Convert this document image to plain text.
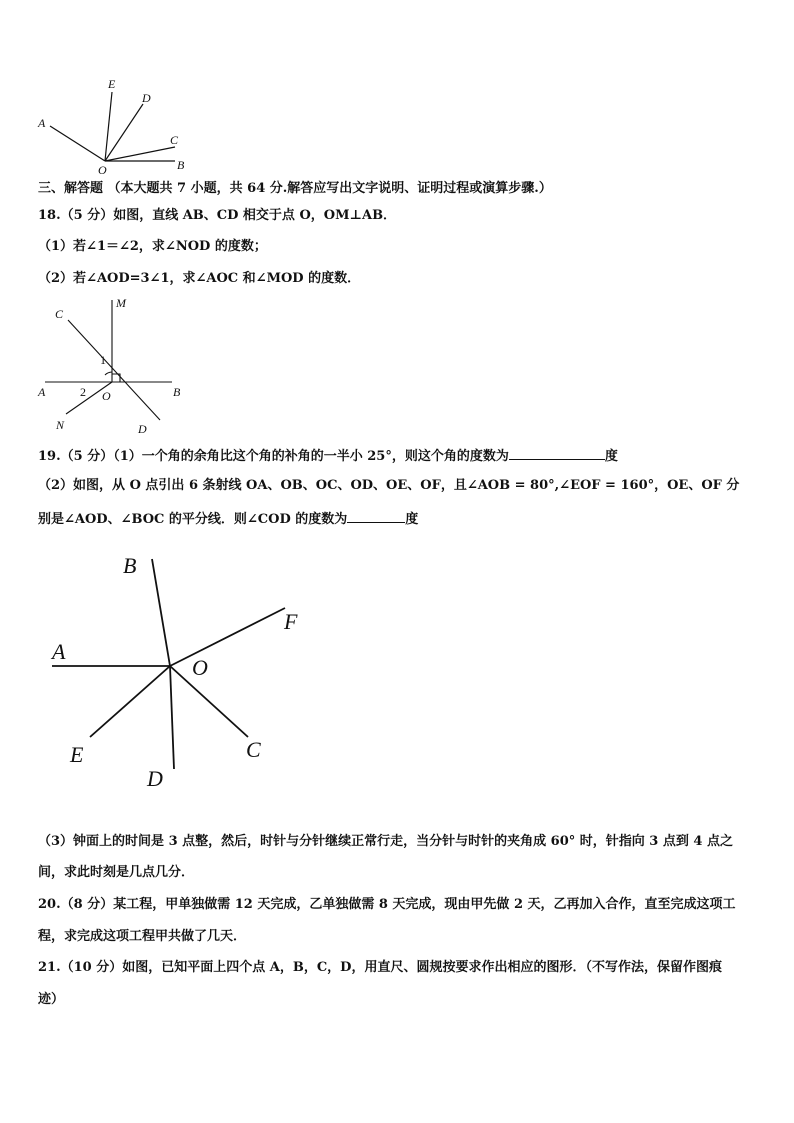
E
D
A
C
O	B
三、解答题 （本大题共 7 小题，共 64 分.解答应写出文字说明、证明过程或演算步骤.）
18.（5 分）如图，直线 AB、CD 相交于点 O，OM⊥AB．
（1）若∠1＝∠2，求∠NOD 的度数；
（2）若∠AOD=3∠1，求∠AOC 和∠MOD 的度数．
C
M
1
2
A	O	B
N	D
19.（5 分）（1）一个角的余角比这个角的补角的一半小 25°，则这个角的度数为	度
（2）如图，从 O 点引出 6 条射线 OA、OB、OC、OD、OE、OF，且∠AOB = 80°,∠EOF = 160°，OE、OF 分
别是∠AOD、∠BOC 的平分线．则∠COD 的度数为	度
B
F
A
O
E	C
D
（3）钟面上的时间是 3 点整，然后，时针与分针继续正常行走，当分针与时针的夹角成 60° 时，针指向 3 点到 4 点之
间，求此时刻是几点几分．
20.（8 分）某工程，甲单独做需 12 天完成，乙单独做需 8 天完成，现由甲先做 2 天，乙再加入合作，直至完成这项工
程，求完成这项工程甲共做了几天．
21.（10 分）如图，已知平面上四个点 A，B，C，D，用直尺、圆规按要求作出相应的图形．（不写作法，保留作图痕
迹）
